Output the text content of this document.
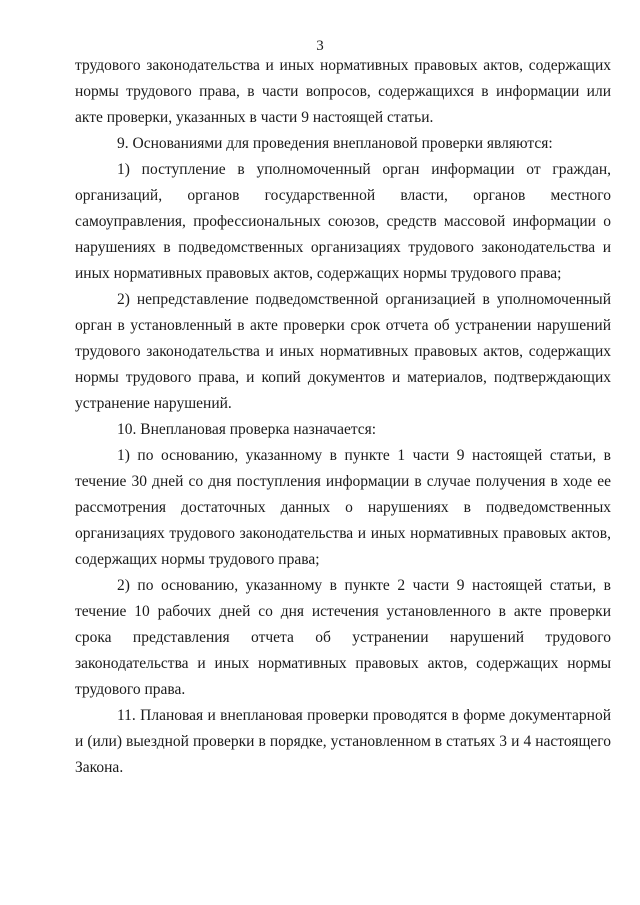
3

трудового законодательства и иных нормативных правовых актов, содержащих нормы трудового права, в части вопросов, содержащихся в информации или акте проверки, указанных в части 9 настоящей статьи.

9. Основаниями для проведения внеплановой проверки являются:

1) поступление в уполномоченный орган информации от граждан, организаций, органов государственной власти, органов местного самоуправления, профессиональных союзов, средств массовой информации о нарушениях в подведомственных организациях трудового законодательства и иных нормативных правовых актов, содержащих нормы трудового права;

2) непредставление подведомственной организацией в уполномоченный орган в установленный в акте проверки срок отчета об устранении нарушений трудового законодательства и иных нормативных правовых актов, содержащих нормы трудового права, и копий документов и материалов, подтверждающих устранение нарушений.

10. Внеплановая проверка назначается:

1) по основанию, указанному в пункте 1 части 9 настоящей статьи, в течение 30 дней со дня поступления информации в случае получения в ходе ее рассмотрения достаточных данных о нарушениях в подведомственных организациях трудового законодательства и иных нормативных правовых актов, содержащих нормы трудового права;

2) по основанию, указанному в пункте 2 части 9 настоящей статьи, в течение 10 рабочих дней со дня истечения установленного в акте проверки срока представления отчета об устранении нарушений трудового законодательства и иных нормативных правовых актов, содержащих нормы трудового права.

11. Плановая и внеплановая проверки проводятся в форме документарной и (или) выездной проверки в порядке, установленном в статьях 3 и 4 настоящего Закона.
